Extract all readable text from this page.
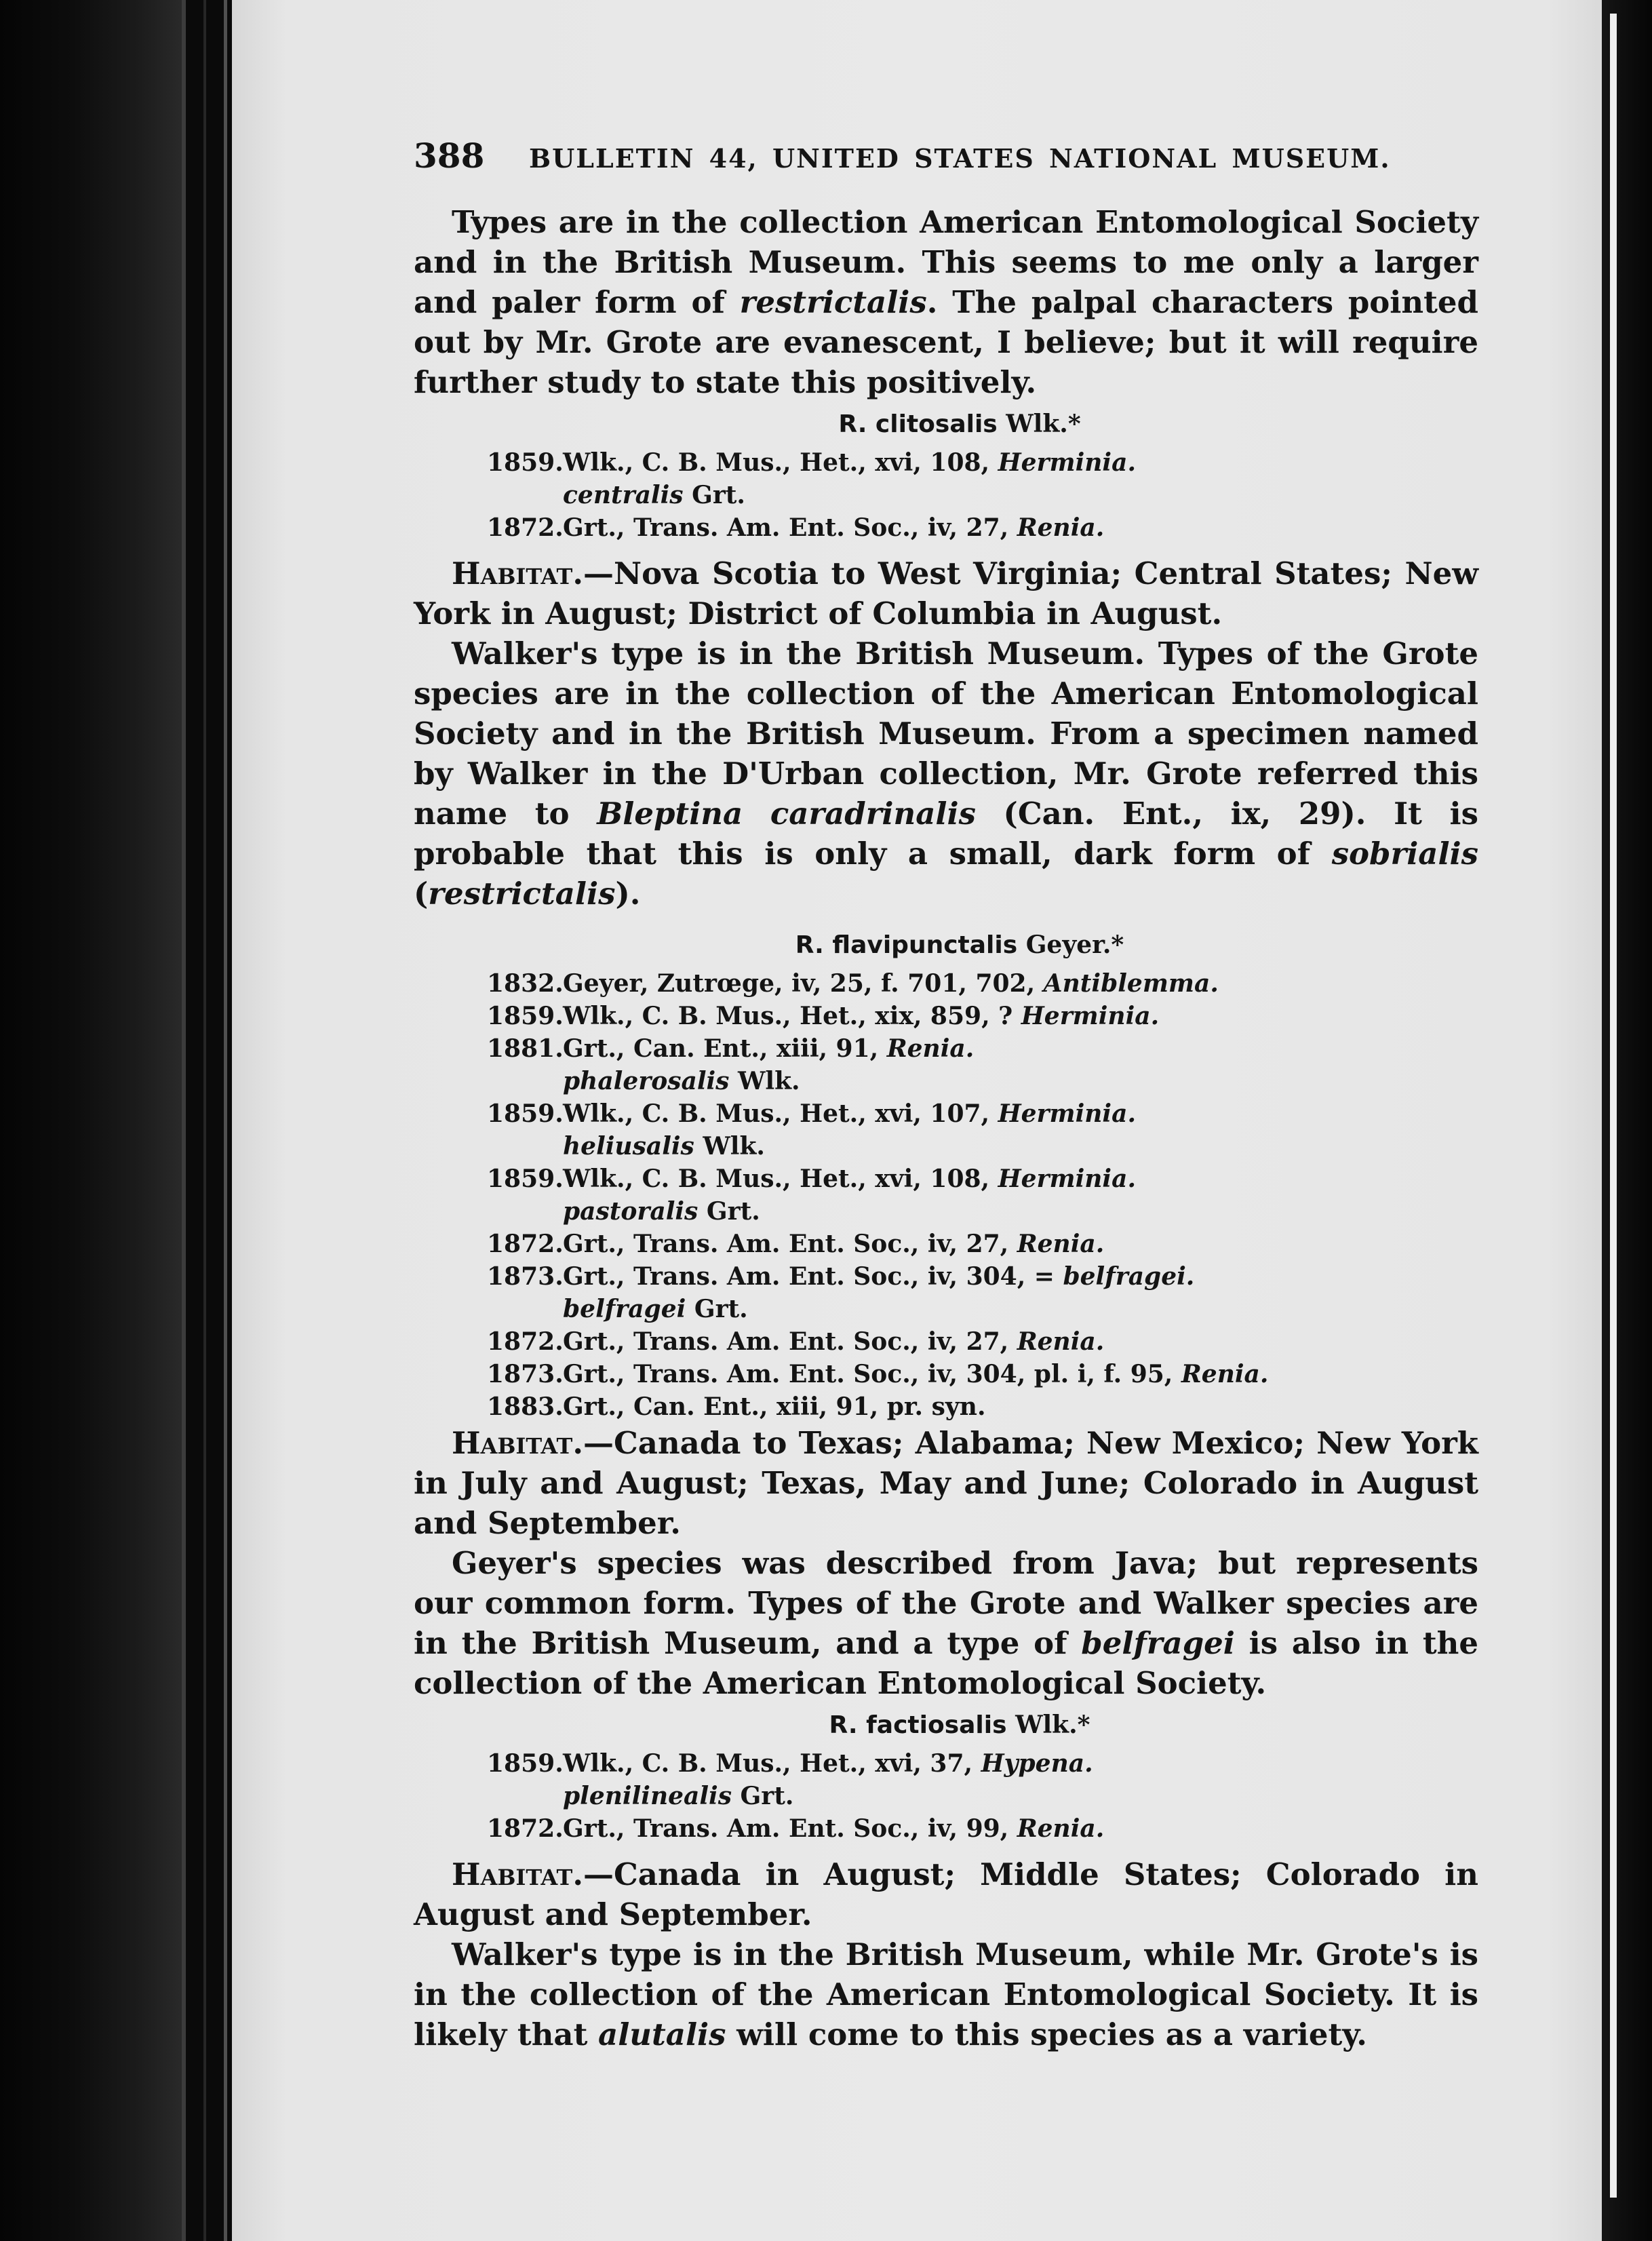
388	BULLETIN 44, UNITED STATES NATIONAL MUSEUM.

Types are in the collection American Entomological Society and in the British Museum. This seems to me only a larger and paler form of restrictalis. The palpal characters pointed out by Mr. Grote are evanescent, I believe; but it will require further study to state this positively.

R. clitosalis Wlk.*
1859.Wlk., C. B. Mus., Het., xvi, 108, Herminia.
centralis Grt.
1872.Grt., Trans. Am. Ent. Soc., iv, 27, Renia.

Habitat.—Nova Scotia to West Virginia; Central States; New York in August; District of Columbia in August.

Walker's type is in the British Museum. Types of the Grote species are in the collection of the American Entomological Society and in the British Museum. From a specimen named by Walker in the D'Urban collection, Mr. Grote referred this name to Bleptina caradrinalis (Can. Ent., ix, 29). It is probable that this is only a small, dark form of sobrialis (restrictalis).

R. flavipunctalis Geyer.*
1832.Geyer, Zutrœge, iv, 25, f. 701, 702, Antiblemma.
1859.Wlk., C. B. Mus., Het., xix, 859, ? Herminia.
1881.Grt., Can. Ent., xiii, 91, Renia.
phalerosalis Wlk.
1859.Wlk., C. B. Mus., Het., xvi, 107, Herminia.
heliusalis Wlk.
1859.Wlk., C. B. Mus., Het., xvi, 108, Herminia.
pastoralis Grt.
1872.Grt., Trans. Am. Ent. Soc., iv, 27, Renia.
1873.Grt., Trans. Am. Ent. Soc., iv, 304, = belfragei.
belfragei Grt.
1872.Grt., Trans. Am. Ent. Soc., iv, 27, Renia.
1873.Grt., Trans. Am. Ent. Soc., iv, 304, pl. i, f. 95, Renia.
1883.Grt., Can. Ent., xiii, 91, pr. syn.

Habitat.—Canada to Texas; Alabama; New Mexico; New York in July and August; Texas, May and June; Colorado in August and September.

Geyer's species was described from Java; but represents our common form. Types of the Grote and Walker species are in the British Museum, and a type of belfragei is also in the collection of the American Entomological Society.

R. factiosalis Wlk.*
1859.Wlk., C. B. Mus., Het., xvi, 37, Hypena.
plenilinealis Grt.
1872.Grt., Trans. Am. Ent. Soc., iv, 99, Renia.

Habitat.—Canada in August; Middle States; Colorado in August and September.

Walker's type is in the British Museum, while Mr. Grote's is in the collection of the American Entomological Society. It is likely that alutalis will come to this species as a variety.
